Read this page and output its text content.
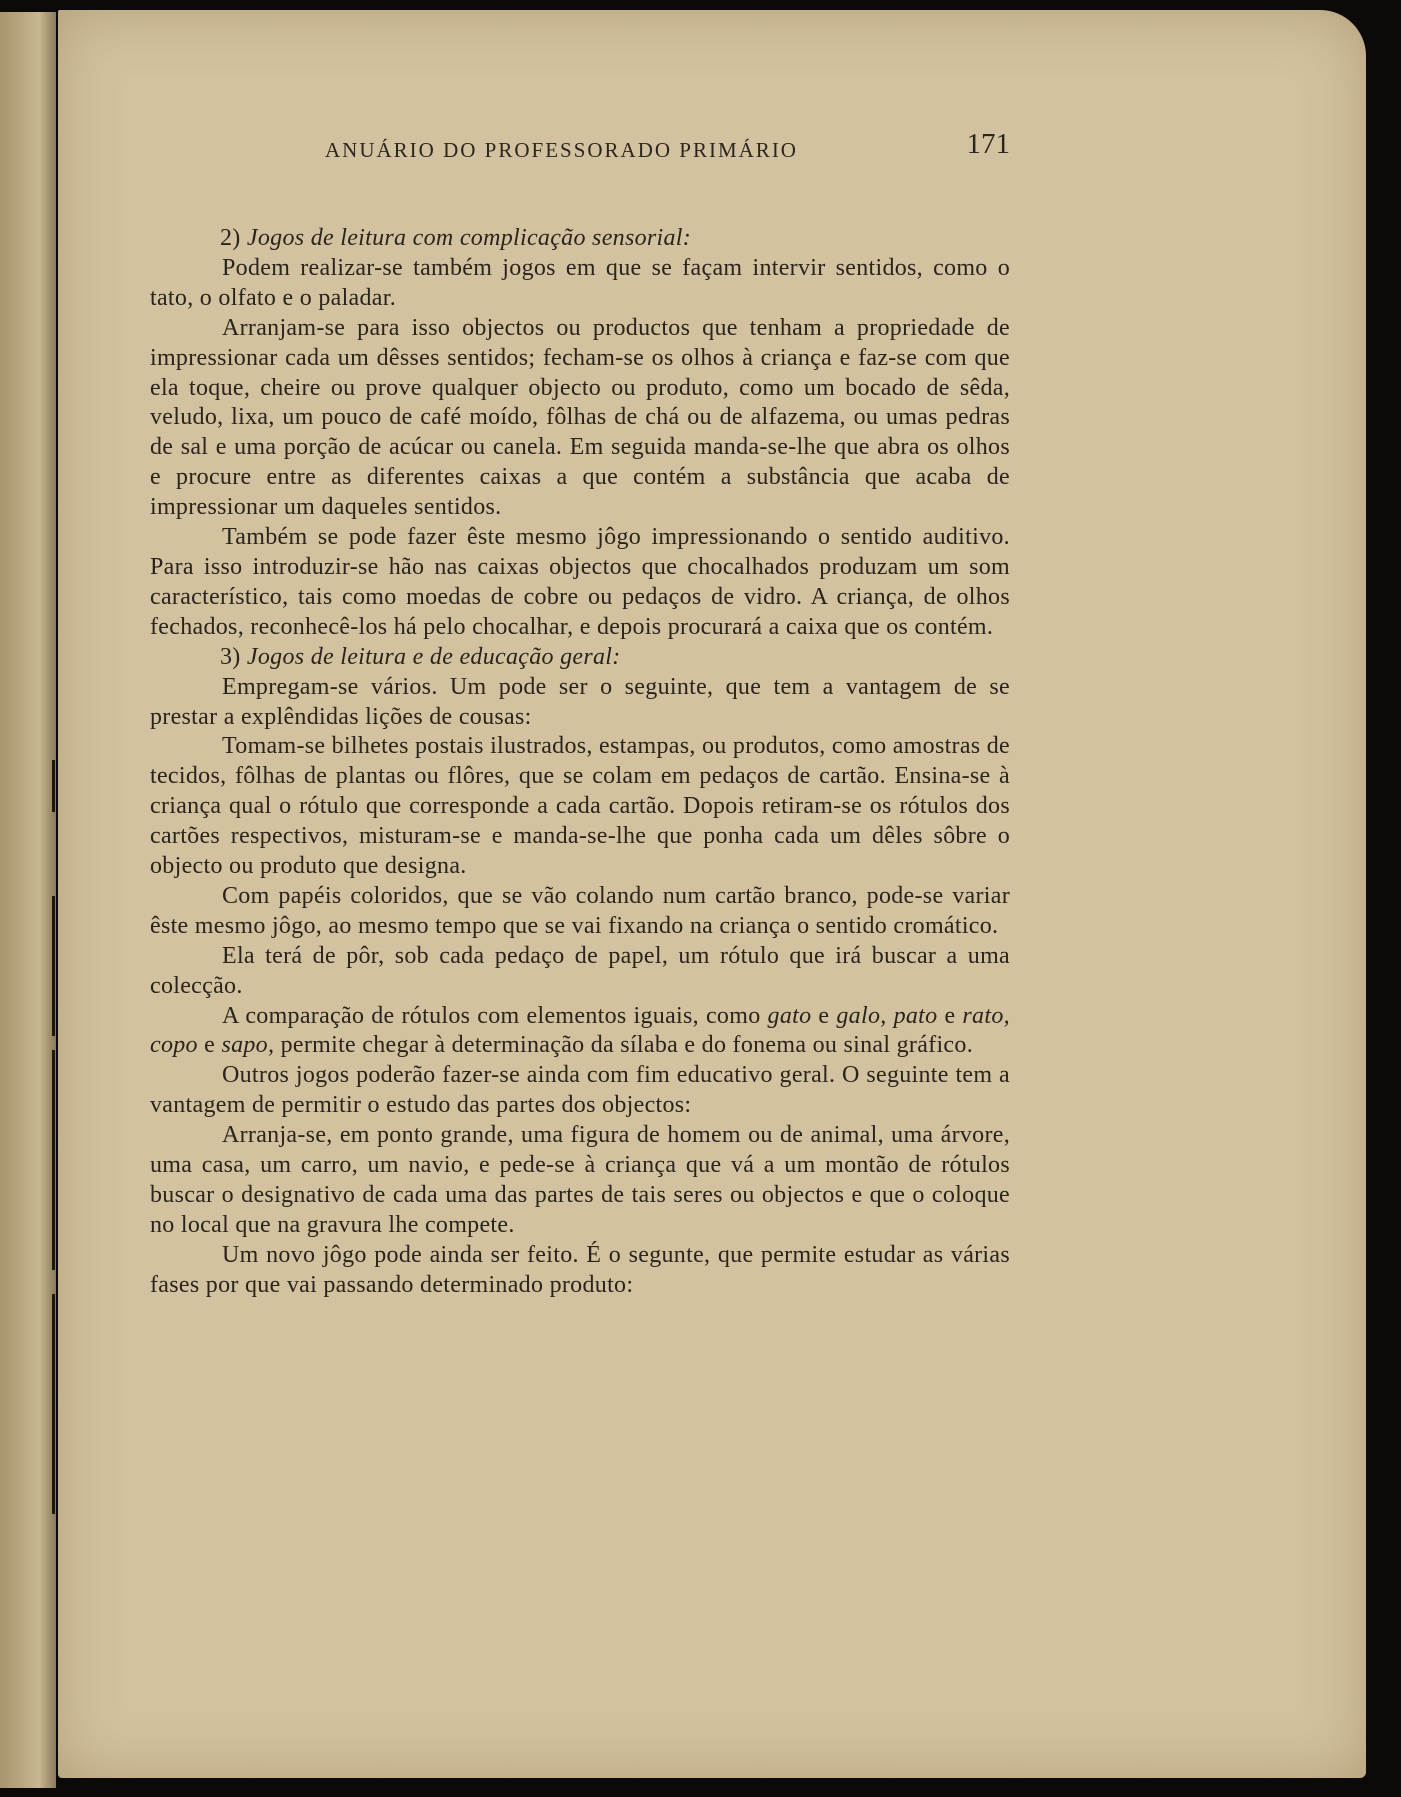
ANUÁRIO DO PROFESSORADO PRIMÁRIO	171

2) Jogos de leitura com complicação sensorial:

Podem realizar-se também jogos em que se façam intervir sentidos, como o tato, o olfato e o paladar.

Arranjam-se para isso objectos ou productos que tenham a propriedade de impressionar cada um dêsses sentidos; fecham-se os olhos à criança e faz-se com que ela toque, cheire ou prove qualquer objecto ou produto, como um bocado de sêda, veludo, lixa, um pouco de café moído, fôlhas de chá ou de alfazema, ou umas pedras de sal e uma porção de acúcar ou canela. Em seguida manda-se-lhe que abra os olhos e procure entre as diferentes caixas a que contém a substância que acaba de impressionar um daqueles sentidos.

Também se pode fazer êste mesmo jôgo impressionando o sentido auditivo. Para isso introduzir-se hão nas caixas objectos que chocalhados produzam um som característico, tais como moedas de cobre ou pedaços de vidro. A criança, de olhos fechados, reconhecê-los há pelo chocalhar, e depois procurará a caixa que os contém.

3) Jogos de leitura e de educação geral:

Empregam-se vários. Um pode ser o seguinte, que tem a vantagem de se prestar a explêndidas lições de cousas:

Tomam-se bilhetes postais ilustrados, estampas, ou produtos, como amostras de tecidos, fôlhas de plantas ou flôres, que se colam em pedaços de cartão. Ensina-se à criança qual o rótulo que corresponde a cada cartão. Dopois retiram-se os rótulos dos cartões respectivos, misturam-se e manda-se-lhe que ponha cada um dêles sôbre o objecto ou produto que designa.

Com papéis coloridos, que se vão colando num cartão branco, pode-se variar êste mesmo jôgo, ao mesmo tempo que se vai fixando na criança o sentido cromático.

Ela terá de pôr, sob cada pedaço de papel, um rótulo que irá buscar a uma colecção.

A comparação de rótulos com elementos iguais, como gato e galo, pato e rato, copo e sapo, permite chegar à determinação da sílaba e do fonema ou sinal gráfico.

Outros jogos poderão fazer-se ainda com fim educativo geral. O seguinte tem a vantagem de permitir o estudo das partes dos objectos:

Arranja-se, em ponto grande, uma figura de homem ou de animal, uma árvore, uma casa, um carro, um navio, e pede-se à criança que vá a um montão de rótulos buscar o designativo de cada uma das partes de tais seres ou objectos e que o coloque no local que na gravura lhe compete.

Um novo jôgo pode ainda ser feito. É o segunte, que permite estudar as várias fases por que vai passando determinado produto:
